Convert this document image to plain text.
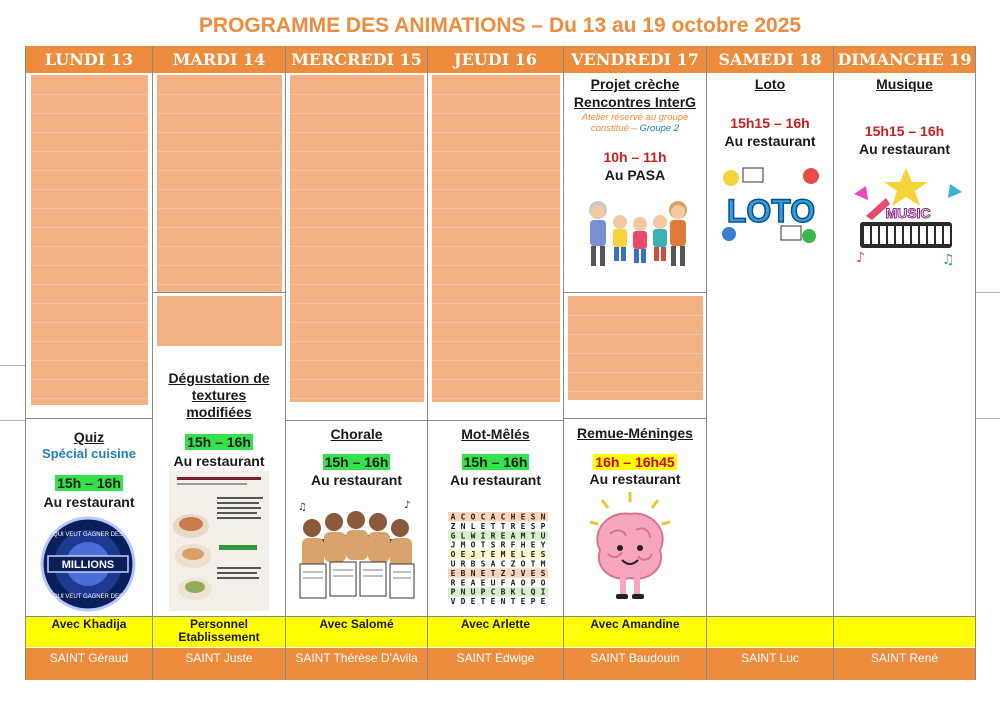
PROGRAMME DES ANIMATIONS – Du 13 au 19 octobre 2025
LUNDI 13
Quiz
Spécial cuisine
15h – 16h
Au restaurant
MILLIONS
QUI VEUT GAGNER DES
QUI VEUT GAGNER DES
Avec Khadija
SAINT Géraud
MARDI 14
Dégustation de
textures
modifiées
15h – 16h
Au restaurant
Personnel Etablissement
SAINT Juste
MERCREDI 15
Chorale
15h – 16h
Au restaurant
♪
♫
Avec Salomé
SAINT Thérèse D'Avila
JEUDI 16
Mot-Mêlés
15h – 16h
Au restaurant
A C O C A C H E S N
Z N L E T T R E S P
G L W I R E A M T U
J M O T S R F H E Y
O E J T E M E L E S
U R B S A C Z O T M
E B N E T Z J V E S
R E A E U F A O P O
P N U P C B K L Q I
V D E T E N T E P E
Avec Arlette
SAINT Edwige
VENDREDI 17
Projet crèche
Rencontres InterG
Atelier réservé au groupe constitué – Groupe 2
10h – 11h
Au PASA
Remue-Méninges
16h – 16h45
Au restaurant
Avec Amandine
SAINT Baudouin
SAMEDI 18
Loto
15h15 – 16h
Au restaurant
LOTO
SAINT Luc
DIMANCHE 19
Musique
15h15 – 16h
Au restaurant
MUSIC
♪	♫
SAINT René
